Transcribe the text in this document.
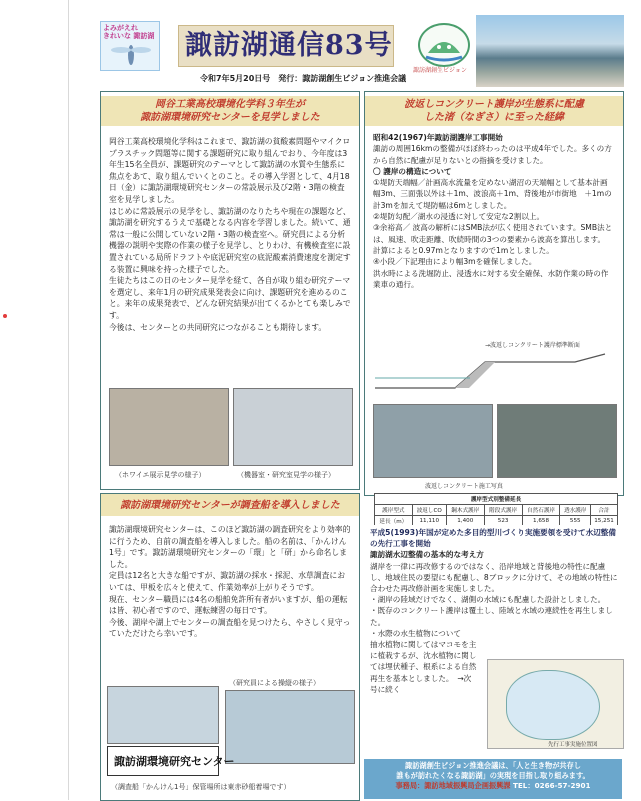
よみがえれ
きれいな 諏訪湖 諏訪湖通信83号
諏訪湖創生ビジョン
令和7年5月20日号　発行：諏訪湖創生ビジョン推進会議
岡谷工業高校環境化学科３年生が
諏訪湖環境研究センターを見学しました

岡谷工業高校環境化学科はこれまで、諏訪湖の貧酸素問題やマイクロプラスチック問題等に関する課題研究に取り組んでおり、今年度は3年生15名全員が、課題研究のテーマとして諏訪湖の水質や生態系に焦点をあて、取り組んでいくとのこと。その導入学習として、4月18日（金）に諏訪湖環境研究センターの常設展示及び2階・3階の検査室を見学しました。

はじめに常設展示の見学をし、諏訪湖のなりたちや現在の課題など、諏訪湖を研究するうえで基礎となる内容を学習しました。続いて、通常は一般に公開していない2階・3階の検査室へ。研究員による分析機器の説明や実際の作業の様子を見学し、とりわけ、有機検査室に設置されている局所ドラフトや底泥研究室の底泥酸素消費速度を測定する装置に興味を持った様子でした。

生徒たちはこの日のセンター見学を経て、各自が取り組む研究テーマを選定し、来年1月の研究成果発表会に向け、課題研究を進めるのこと。来年の成果発表で、どんな研究結果が出てくるかとても楽しみです。

今後は、センターとの共同研究につながることも期待します。

（ホワイエ展示見学の様子）	（機器室・研究室見学の様子）
諏訪湖環境研究センターが調査船を導入しました

諏訪湖環境研究センターは、このほど諏訪湖の調査研究をより効率的に行うため、自前の調査船を導入しました。船の名前は、「かんけん1号」です。諏訪湖環境研究センターの「環」と「研」から命名しました。

定員は12名と大きな船ですが、諏訪湖の採水・採泥、水草調査においては、甲板を広々と使えて、作業効率が上がりそうです。

現在、センター職員には4名の船舶免許所有者がいますが、船の運転は皆、初心者ですので、運転練習の毎日です。

今後、湖岸や湖上でセンターの調査船を見つけたら、やさしく見守っていただけたら幸いです。

（研究員による操縦の様子）
諏訪湖環境研究センター
（調査船「かんけん1号」保管場所は東赤砂船着場です）
波返しコンクリート護岸が生態系に配慮
した渚（なぎさ）に至った経緯

昭和42(1967)年諏訪湖護岸工事開始

諏訪の周囲16kmの整備がほぼ終わったのは平成4年でした。多くの方から自然に配慮が足りないとの指摘を受けました。

〇 護岸の構造について

①堤防天端幅／計画高水流量を定めない湖沼の天端幅として基本計画幅3m、三面張以外は＋1m、波浪高＋1m、背後地が市街地　＋1mの計3mを加えて堤防幅は6mとしました。

②堤防勾配／湖水の浸透に対して安定な2割以上。

③余裕高／ 波高の解析にはSMB法が広く使用されています。SMB法とは、風速、吹走距離、吹続時間の3つの要素から波高を算出します。

計算によると0.97mとなりますので1mとしました。

④小段／下記理由により幅3mを確保しました。

洪水時による洗堀防止、浸透水に対する安全確保、水防作業の時の作業車の通行。

→波返しコンクリート護岸標準断面
波返しコンクリート施工写真
護岸型式別整備延長						
護岸型式	波返しCO	鋼木式護岸	階段式護岸	自然石護岸	透水護岸	合計
延長（m）	11,110	1,400	523	1,658	555	15,251

平成5(1993)年国が定めた多目的型川づくり実施要領を受けて水辺整備の先行工事を開始

諏訪湖水辺整備の基本的な考え方

湖岸を一律に再改修するのではなく、沿岸地域と背後地の特性に配慮し、地域住民の要望にも配慮し、8ブロックに分けて、その地域の特性に合わせた再改修計画を実施しました。

・湖岸の陸域だけでなく、湖側の水域にも配慮した設計としました。

・既存のコンクリート護岸は覆土し、陸域と水域の連続性を再生しました。

・水際の水生植物について

抽水植物に関してはマコモを主に植栽するが、沈水植物に関しては埋伏種子、根系による自然再生を基本としました。　→次号に続く

先行工事実施位置図
諏訪湖創生ビジョン推進会議は、「人と生き物が共存し
誰もが訪れたくなる諏訪湖」の実現を目指し取り組みます。
事務局：諏訪地域振興局企画振興課 TEL：0266-57-2901
